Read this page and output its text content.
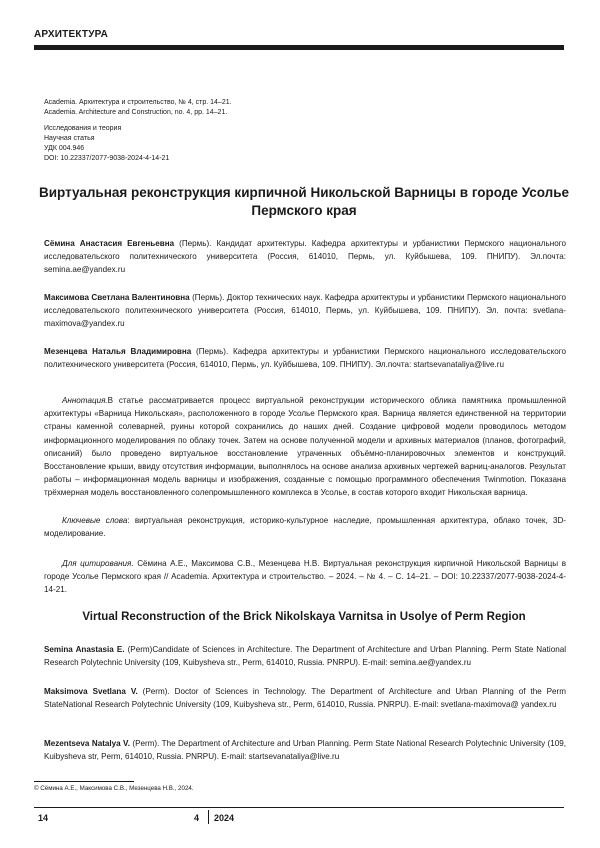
АРХИТЕКТУРА
Academia. Архитектура и строительство, № 4, стр. 14–21.
Academia. Architecture and Construction, no. 4, pp. 14–21.
Исследования и теория
Научная статья
УДК 004.946
DOI: 10.22337/2077-9038-2024-4-14-21
Виртуальная реконструкция кирпичной Никольской Варницы в городе Усолье Пермского края
Сёмина Анастасия Евгеньевна (Пермь). Кандидат архитектуры. Кафедра архитектуры и урбанистики Пермского национального исследовательского политехнического университета (Россия, 614010, Пермь, ул. Куйбышева, 109. ПНИПУ). Эл.почта: semina.ae@yandex.ru
Максимова Светлана Валентиновна (Пермь). Доктор технических наук. Кафедра архитектуры и урбанистики Пермского национального исследовательского политехнического университета (Россия, 614010, Пермь, ул. Куйбышева, 109. ПНИПУ). Эл. почта: svetlana-maximova@yandex.ru
Мезенцева Наталья Владимировна (Пермь). Кафедра архитектуры и урбанистики Пермского национального исследовательского политехнического университета (Россия, 614010, Пермь, ул. Куйбышева, 109. ПНИПУ). Эл.почта: startsevanataliya@live.ru
Аннотация.В статье рассматривается процесс виртуальной реконструкции исторического облика памятника промышленной архитектуры «Варница Никольская», расположенного в городе Усолье Пермского края. Варница является единственной на территории страны каменной солеварней, руины которой сохранились до наших дней. Создание цифровой модели проводилось методом информационного моделирования по облаку точек. Затем на основе полученной модели и архивных материалов (планов, фотографий, описаний) было проведено виртуальное восстановление утраченных объёмно-планировочных элементов и конструкций. Восстановление крыши, ввиду отсутствия информации, выполнялось на основе анализа архивных чертежей варниц-аналогов. Результат работы – информационная модель варницы и изображения, созданные с помощью программного обеспечения Twinmotion. Показана трёхмерная модель восстановленного солепромышленного комплекса в Усолье, в состав которого входит Никольская варница.
Ключевые слова: виртуальная реконструкция, историко-культурное наследие, промышленная архитектура, облако точек, 3D-моделирование.
Для цитирования. Сёмина А.Е., Максимова С.В., Мезенцева Н.В. Виртуальная реконструкция кирпичной Никольской Варницы в городе Усолье Пермского края // Academia. Архитектура и строительство. – 2024. – № 4. – С. 14–21. – DOI: 10.22337/2077-9038-2024-4-14-21.
Virtual Reconstruction of the Brick Nikolskaya Varnitsa in Usolye of Perm Region
Semina Anastasia E. (Perm)Candidate of Sciences in Architecture. The Department of Architecture and Urban Planning. Perm State National Research Polytechnic University (109, Kuibysheva str., Perm, 614010, Russia. PNRPU). E-mail: semina.ae@yandex.ru
Maksimova Svetlana V. (Perm). Doctor of Sciences in Technology. The Department of Architecture and Urban Planning of the Perm StateNational Research Polytechnic University (109, Kuibysheva str., Perm, 614010, Russia. PNRPU). E-mail: svetlana-maximova@ yandex.ru
Mezentseva Natalya V. (Perm). The Department of Architecture and Urban Planning. Perm State National Research Polytechnic University (109, Kuibysheva str, Perm, 614010, Russia. PNRPU). E-mail: startsevanataliya@live.ru
© Сёмина А.Е., Максимова С.В., Мезенцева Н.В., 2024.
14	4 2024
